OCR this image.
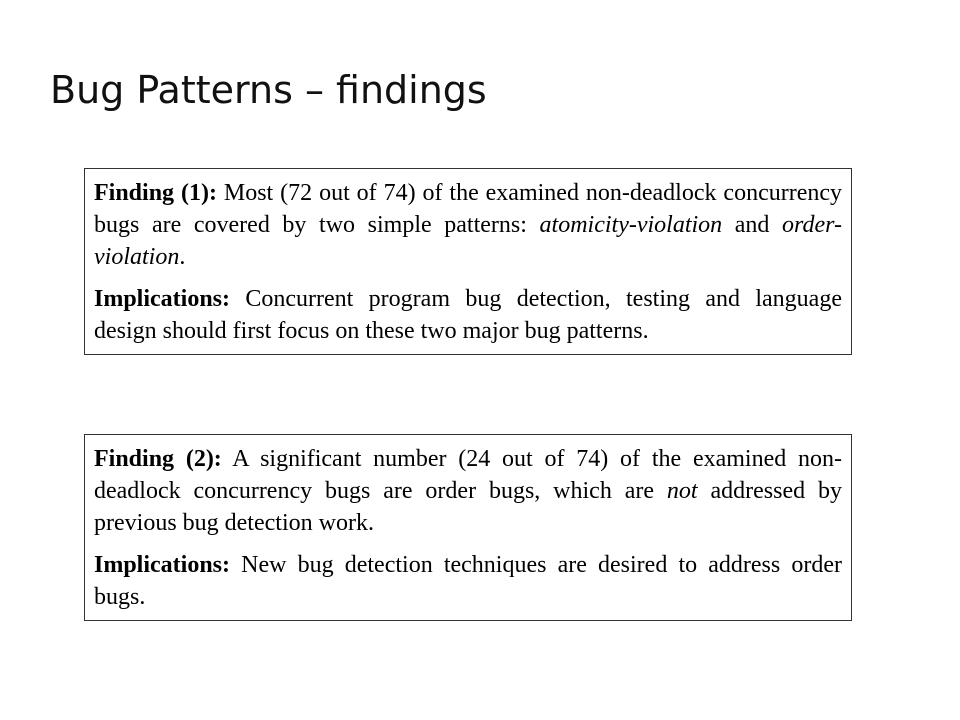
Bug Patterns – findings

Finding (1): Most (72 out of 74) of the examined non-deadlock concurrency bugs are covered by two simple patterns: atomicity-violation and order-violation.

Implications: Concurrent program bug detection, testing and language design should first focus on these two major bug patterns.

Finding (2): A significant number (24 out of 74) of the examined non-deadlock concurrency bugs are order bugs, which are not addressed by previous bug detection work.

Implications: New bug detection techniques are desired to address order bugs.
